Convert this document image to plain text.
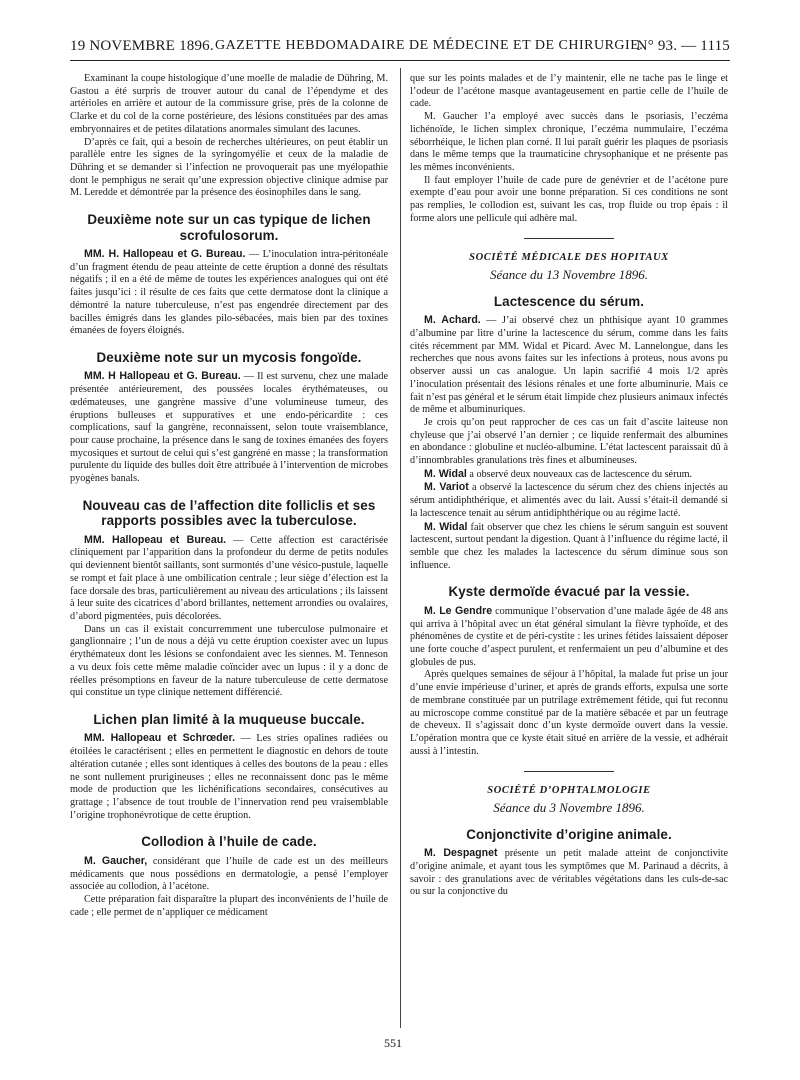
19 NOVEMBRE 1896. GAZETTE HEBDOMADAIRE DE MÉDECINE ET DE CHIRURGIE.
N° 93. — 1115

Examinant la coupe histologique d’une moelle de maladie de Dühring, M. Gastou a été surpris de trouver autour du canal de l’épendyme et des artérioles en arrière et autour de la commissure grise, près de la colonne de Clarke et du col de la corne postérieure, des lésions constituées par des amas embryonnaires et de petites dilatations anormales simulant des lacunes.

D’après ce fait, qui a besoin de recherches ultérieures, on peut établir un parallèle entre les signes de la syringomyélie et ceux de la maladie de Dühring et se demander si l’infection ne provoquerait pas une myélopathie dont le pemphigus ne serait qu’une expression objective clinique admise par M. Leredde et démontrée par la présence des éosinophiles dans le sang.

Deuxième note sur un cas typique de lichen scrofulosorum.

MM. H. Hallopeau et G. Bureau. — L’inoculation intra-péritonéale d’un fragment étendu de peau atteinte de cette éruption a donné des résultats négatifs ; il en a été de même de toutes les expériences analogues qui ont été faites jusqu’ici : il résulte de ces faits que cette dermatose dont la clinique a démontré la nature tuberculeuse, n’est pas engendrée directement par des bacilles émigrés dans les glandes pilo-sébacées, mais bien par des toxines émanées de foyers éloignés.

Deuxième note sur un mycosis fongoïde.

MM. H Hallopeau et G. Bureau. — Il est survenu, chez une malade présentée antérieurement, des poussées locales érythémateuses, ou œdémateuses, une gangrène massive d’une volumineuse tumeur, des éruptions bulleuses et suppuratives et une endo-péricardite : ces complications, sauf la gangrène, reconnaissent, selon toute vraisemblance, pour cause prochaine, la présence dans le sang de toxines émanées des foyers mycosiques et surtout de celui qui s’est gangréné en masse ; la transformation purulente du liquide des bulles doit être attribuée à l’intervention de microbes pyogènes banals.

Nouveau cas de l’affection dite folliclis et ses rapports possibles avec la tuberculose.

MM. Hallopeau et Bureau. — Cette affection est caractérisée cliniquement par l’apparition dans la profondeur du derme de petits nodules qui deviennent bientôt saillants, sont surmontés d’une vésico-pustule, laquelle se rompt et fait place à une ombilication centrale ; leur siège d’élection est la face dorsale des bras, particulièrement au niveau des articulations ; ils laissent à leur suite des cicatrices d’abord brillantes, nettement arrondies ou ovalaires, d’abord pigmentées, puis décolorées.

Dans un cas il existait concurremment une tuberculose pulmonaire et ganglionnaire ; l’un de nous a déjà vu cette éruption coexister avec un lupus érythémateux dont les lésions se confondaient avec les siennes. M. Tenneson a vu deux fois cette même maladie coïncider avec un lupus : il y a donc de réelles présomptions en faveur de la nature tuberculeuse de cette dermatose qui constitue un type clinique nettement différencié.

Lichen plan limité à la muqueuse buccale.

MM. Hallopeau et Schrœder. — Les stries opalines radiées ou étoilées le caractérisent ; elles en permettent le diagnostic en dehors de toute altération cutanée ; elles sont identiques à celles des boutons de la peau : elles ne sont nullement prurigineuses ; elles ne reconnaissent donc pas le même mode de production que les lichénifications secondaires, consécutives au grattage ; l’absence de tout trouble de l’innervation rend peu vraisemblable l’origine trophonévrotique de cette éruption.

Collodion à l’huile de cade.

M. Gaucher, considérant que l’huile de cade est un des meilleurs médicaments que nous possédions en dermatologie, a pensé l’employer associée au collodion, à l’acétone.

Cette préparation fait disparaître la plupart des inconvénients de l’huile de cade ; elle permet de n’appliquer ce médicament

que sur les points malades et de l’y maintenir, elle ne tache pas le linge et l’odeur de l’acétone masque avantageusement en partie celle de l’huile de cade.

M. Gaucher l’a employé avec succès dans le psoriasis, l’eczéma lichénoïde, le lichen simplex chronique, l’eczéma nummulaire, l’eczéma séborrhéique, le lichen plan corné. Il lui paraît guérir les plaques de psoriasis dans le même temps que la traumaticine chrysophanique et ne présente pas les mêmes inconvénients.

Il faut employer l’huile de cade pure de genévrier et de l’acétone pure exempte d’eau pour avoir une bonne préparation. Si ces conditions ne sont pas remplies, le collodion est, suivant les cas, trop fluide ou trop épais : il forme alors une pellicule qui adhère mal.

SOCIÉTÉ MÉDICALE DES HOPITAUX
Séance du 13 Novembre 1896.
Lactescence du sérum.

M. Achard. — J’ai observé chez un phthisique ayant 10 grammes d’albumine par litre d’urine la lactescence du sérum, comme dans les faits cités récemment par MM. Widal et Picard. Avec M. Lannelongue, dans les recherches que nous avons faites sur les infections à proteus, nous avons pu observer aussi un cas analogue. Un lapin sacrifié 4 mois 1/2 après l’inoculation présentait des lésions rénales et une forte albuminurie. Mais ce fait n’est pas général et le sérum était limpide chez plusieurs animaux infectés de même et albuminuriques.

Je crois qu’on peut rapprocher de ces cas un fait d’ascite laiteuse non chyleuse que j’ai observé l’an dernier ; ce liquide renfermait des albumines en abondance : globuline et nucléo-albumine. L’état lactescent paraissait dû à d’innombrables granulations très fines et albumineuses.

M. Widal a observé deux nouveaux cas de lactescence du sérum.

M. Variot a observé la lactescence du sérum chez des chiens injectés au sérum antidiphthérique, et alimentés avec du lait. Aussi s’était-il demandé si la lactescence tenait au sérum antidiphthérique ou au régime lacté.

M. Widal fait observer que chez les chiens le sérum sanguin est souvent lactescent, surtout pendant la digestion. Quant à l’influence du régime lacté, il semble que chez les malades la lactescence du sérum diminue sous son influence.

Kyste dermoïde évacué par la vessie.

M. Le Gendre communique l’observation d’une malade âgée de 48 ans qui arriva à l’hôpital avec un état général simulant la fièvre typhoïde, et des phénomènes de cystite et de péri-cystite : les urines fétides laissaient déposer une forte couche d’aspect purulent, et renfermaient un peu d’albumine et des globules de pus.

Après quelques semaines de séjour à l’hôpital, la malade fut prise un jour d’une envie impérieuse d’uriner, et après de grands efforts, expulsa une sorte de membrane constituée par un putrilage extrêmement fétide, qui fut reconnu au microscope comme constitué par de la matière sébacée et par un feutrage de cheveux. Il s’agissait donc d’un kyste dermoïde ouvert dans la vessie. L’opération montra que ce kyste était situé en arrière de la vessie, et adhérait aussi à l’intestin.

SOCIÉTÉ D’OPHTALMOLOGIE
Séance du 3 Novembre 1896.
Conjonctivite d’origine animale.

M. Despagnet présente un petit malade atteint de conjonctivite d’origine animale, et ayant tous les symptômes que M. Parinaud a décrits, à savoir : des granulations avec de véritables végétations dans les culs-de-sac ou sur la conjonctive du

551
